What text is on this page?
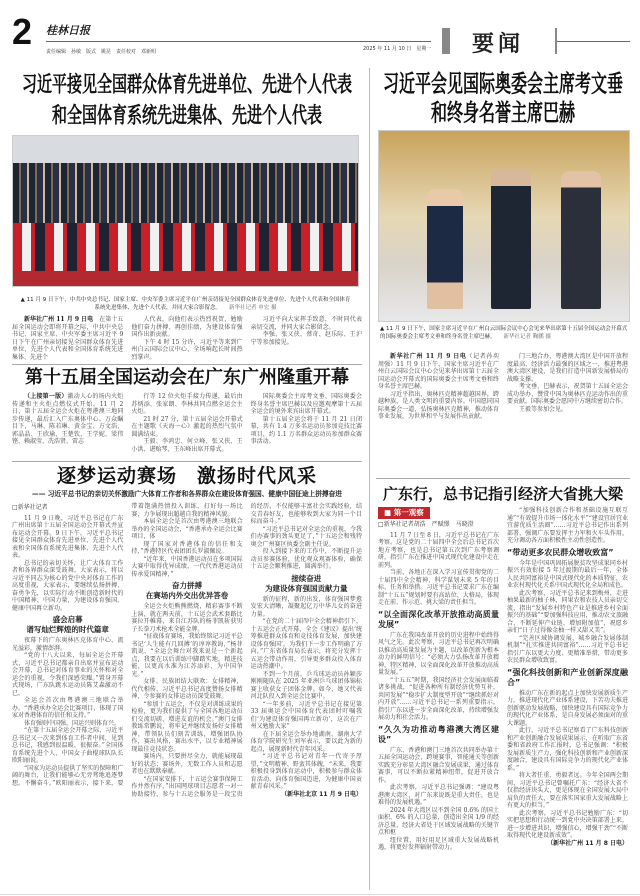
2 桂林日报
责任编辑　孙敏　版式　姚昆　责任校对　邓新明	2025 年 11 月 10 日　星期一 要闻
习近平接见全国群众体育先进单位、先进个人代表
和全国体育系统先进集体、先进个人代表
▲ 11 月 9 日下午，中共中央总书记、国家主席、中央军委主席习近平在广州亲切接见全国群众体育先进单位、先进个人代表和全国体育系统先进集体、先进个人代表，并同大家合影留念。 新华社记者 申宏 摄

新华社广州 11 月 9 日电　在第十五届全国运动会即将开幕之际，中共中央总书记、国家主席、中央军委主席习近平 9 日下午在广州亲切接见全国群众体育先进单位、先进个人代表和全国体育系统先进集体、先进个

人代表，向他们表示热烈祝贺，勉励他们奋力拼搏、再创佳绩，为建设体育强国作出新贡献。

下午 4 时 15 分许，习近平等来到广州白云国际会议中心，全场响起长时间热烈掌声。

习近平向大家挥手致意，不时同代表亲切交流，并同大家合影留念。

李强、张又侠、蔡奇、赵乐际、王沪宁等参加接见。

第十五届全国运动会在广东广州隆重开幕

（上接第一版）激动人心的场内火炬传递和主火炬点燃仪式开始。11 月 2 日，第十五届全运会火炬在粤港澳三地同步传递，最后汇入广东奥体中心。万众瞩目下，马琳、陈若琳、黄金宝、方文浩、郭晶晶、王欣瑜、王楚钦、王学妮、梁伟铿、赖淑莹、冼浩贤、雷志

行等 12 位火炬手接力传递，最后由苏炳添、张家朗、李林共同点燃全运会主火炬。

21 时 27 分，第十五届全运会开幕式在主题歌《天海一心》激起的热烈气氛中圆满结束。

王毅、李鸿忠、何立峰、张又侠、王小洪、谌贻琴、王东峰出席开幕式。

国际奥委会主席考文垂、国际奥委会终身名誉主席巴赫以及应邀观摩第十五届全运会的境外来宾出席开幕式。

第十五届全运会将于 11 月 21 日闭幕，共有 1.4 万多名运动员参加竞技比赛项目，约 1.1 万名群众运动员参加群众赛事活动。

逐梦运动赛场　激扬时代风采
—— 习近平总书记的亲切关怀激励广大体育工作者和各界群众在建设体育强国、健康中国征途上拼搏奋进

□新华社记者

11 月 9 日晚，习近平总书记在广东广州出席第十五届全国运动会开幕式并宣布运动会开幕。9 日下午，习近平总书记接见全国群众体育先进单位、先进个人代表和全国体育系统先进集体、先进个人代表。

总书记的亲切关怀，让广大体育工作者和各界群众深受鼓舞。大家表示，将以习近平同志为核心的党中央对体育工作的高度重视，大家表示，要继续弘扬拼搏、奋勇争先，以实际行动不断创造新时代的中国精神、中国力量，为建设体育强国、健康中国再立新功。

盛会启幕

谱写灿烂辉煌的时代篇章

夜幕下的广东奥林匹克体育中心，流光溢彩，激情澎湃。

“党的十八大以来，每届全运会开幕式，习近平总书记都亲自出席并宣布运动会开幕，总书记对体育事业的关怀和对全运会的重视，令我们深感荣耀。”置身开幕式现场，广东队跳水运动员陈艾森激动不已。

全运会首次由粤港澳三地联合举办。“香港承办全运会比赛项目，体现了国家对香港体育的信任和支持。”

体育强则中国强，国运兴则体育兴。

“在第十五届全运会开幕之际，习近平总书记又一次来到体育工作者中间，见到总书记，我感到很温暖、很振奋。”全国体育系统先进个人、中国女子曲棍球队队长欧阳丽说。

“国家为运动员提供了坚实的保障和广阔的舞台，让我们能够心无旁骛地追逐梦想。不懈奋斗。”欧阳丽表示，接下来，要带着饱满热情投入训练，打好每一场比赛，力争展现出超越自我的精神风貌。

本届全运会是首次由粤港澳三地联合举办的全国运动会，“香港承办全运会比赛项目，体

现了国家对香港体育的信任和支持，”香港特区代表团团长罗淑佩说。

“近年来，中国香港运动员在多项国际大赛中取得优异成绩，一代代香港运动员传承爱国精神，”

奋力拼搏

在赛场内外交出优异答卷

全运会火炬熊熊燃烧，精彩赛事不断上演，就在两天前，十五运会武术套路比赛拉开帷幕，来自江苏队的杨菲凯斩获男子长拳刀术枪术全能金牌。

“征战体育赛场，我始终铭记习近平总书记‘人生能有几回搏’的谆谆教诲，”杨菲凯说，“全运会舞台对我来说是一个新起点，我要在以后训练中脚踏实地，精进技能，以更高水准为江苏添彩、为中国争光。”

女排、民族团结大联欢：女排精神，代代相传，习近平总书记高度赞扬女排精神，令参赛的女排运动员深受鼓舞。

“参加十五运会，不仅是对训练成果的检验，更为我们提供了与全国各地运动员们交流切磋、增进友谊的机会。”澳门女排教练常鹏说，将牢记并继续发扬好女排精神，带领队员们刻苦训练，增强团队协作，赛出风格，赛出水平，以专业精神展现最佳竞技状态。

赛场内，只要拼尽全力，就能展现最好的状态；赛场外，无数工作人员和志愿者也在默默奉献。

“在国家安排下，十五运会赛事保障工作井然有序，”出国网球项目志愿者一对一协助接待，参与十五运会服务是一段宝贵的经历，不仅能够丰富社会实践经验，结交青春好友，也能够收到大家为同一个目标而奋斗。”

“习近平总书记对全运会的重视，令我们办赛事的劲头更足了，”十五运会和残特奥会广州赛区执委会副主任说。

投入到接下来的工作中，不断提升运动员参赛体验，优化观众观赛体验，确保十五运会顺利推进，圆满举行。

接续奋进

为建设体育强国贡献力量

新的征程，新的出发，体育强国梦愈发宏大清晰，凝聚起亿万中华儿女的奋进力量。

“在党的二十届四中全会精神指引下，十五运会正式开幕，全会《建议》提出‘统筹推进群众体育和竞技体育发展，加快建设体育强国’，为我们下一步工作明确了方向，”广东省体育局长表示，将充分发挥十五运会带动作用，引导更多群众投入体育运动热潮中。

不到一个月前，乒乓球运动员孙颖莎刚刚随队在 2025 年亚洲乒乓球团体锦标赛上收获女子团体金牌。如今，她又代表河北队投入到全运会比赛中。

“一年多前，习近平总书记在接见第 33 届奥运会中国体育代表团时叮嘱我们‘为建设体育强国再立新功’，这次在广州又勉励大家”

在下届全运会举办地湖南，湖南大学体育学院研究生刘军表示，要以此为新的起点，展现新时代青年风采。

“习近平总书记对青年一代寄予厚望，”文明精神、野蛮其体魄，“未来，我要积极投身到体育运动中，积极参与群众体育活动，向体育强国迈进，为健康中国贡献青春风采。”

（新华社北京 11 月 9 日电）

习近平会见国际奥委会主席考文垂
和终身名誉主席巴赫
▲ 11 月 9 日下午，国家主席习近平在广州白云国际会议中心会见来华出席第十五届全国运动会开幕式的国际奥委会主席考文垂和终身名誉主席巴赫。 新华社记者 鞠鹏 摄

新华社广州 11 月 9 日电（记者孙奕　周强）11 月 9 日下午，国家主席习近平在广州白云国际会议中心会见来华出席第十五届全国运动会开幕式的国际奥委会主席考文垂和终身名誉主席巴赫。

习近平指出，奥林匹克精神超越国界，跨越种族，是人类文明的重要内容。中国愿同国际奥委会一道，弘扬奥林匹克精神，推动体育事业发展，为世界和平与发展作出贡献。

门三地合办，粤港澳大湾区是中国开放程度最高、经济活力最强的区域之一，推进粤港澳大湾区建设，是我们打造中国新发展格局的战略支撑。

考文垂、巴赫表示，祝贺第十五届全运会成功举办，赞赏中国为奥林匹克运动作出的重要贡献，国际奥委会愿同中方继续密切合作。

王毅等参加会见。

广东行，总书记指引经济大省挑大梁

■ 第一观察

□新华社记者胡浩　严赋憬　马晓澄

11 月 7 日至 8 日，习近平总书记在广东考察。这是党的二十届四中全会后总书记首次地方考察，也是总书记第五次到广东考察调研，指引广东在推进中国式现代化建设中走在前列。

当前，各地正在深入学习宣传贯彻党的二十届四中全会精神，科学谋划未来 5 年的目标、任务和举措。习近平总书记要求广东在编制“十五五”规划时要有高站位、大格局，体现走在前、作示范、挑大梁的责任担当。

“以全面深化改革开放推动高质量发展”

广东在我国改革开放的历史进程中始终得风气之先。此次考察，习近平总书记再次明确以推动高质量发展为主题，以改革创新为根本动力的鲜明信号：“必须大力弘扬改革开放精神，特区精神，以全面深化改革开放推动高质量发展。”

“十五五”时期，我国经济社会发展面临着诸多挑战，“促进各种所有制经济优势互补，共同发展”“稳步扩大制度型开放”“继续抓好对内开放”……习近平总书记一系列重要指示，指引广东以进一步全面深化改革，持续增强发展动力和社会活力。

“久久为功推动粤港澳大湾区建设”

广东、香港和澳门三地首次共同举办第十五届全国运动会，跨境赛事，智能通关等创新实践充分彰显大湾区融合发展成果，通过体育赛事，可以不断拉紧精神纽带，促进开放合作。

此次考察，习近平总书记强调：“建设粤港澳大湾区，对广东来说既是重大责任，也是难得的发展机遇。”

2024 年大湾区以不到全国 0.6% 的国土面积、6% 的人口总量，创造出全国 1/9 的经济总量，经济大省处于区域发展战略的关键节点和枢

纽位置，用好用足区域重大发展战略机遇，将更好发挥辐射带动力。

“加强科技创新合作和基础设施互联互通”“有效提升市场一体化水平”“建设宜居宜业宜游优质生活圈”……习近平总书记作出系列部署，强调广东要发挥主力军和火车头作用，充分调动各方面积极性主动性创造性。

“带动更多农民群众增收致富”

今年是中国巩固拓展脱贫攻坚成果同乡村振兴有效衔接 5 年过渡期的最后一年，全体人民共同富裕是中国式现代化的本质特征，农业农村现代化关系中国式现代化全局和成色。

此次考察，习近平总书记来到梅州，走进柚果最新的柚子林，同果农和农技人员亲切交流，指出“发展乡村特色产业是推进乡村全面振兴的基础”“要加强科技应用，推动农文旅融合，不断延伸产业链、增加附加值”，祝愿乡亲们“日子过得像金柚一样又甜又美”。

“完善区域协调发展，城乡融合发展体制机制”“扎实推进共同富裕”……习近平总书记指引广东以更大力度、更精准举措，带动更多农民群众增收致富。

“强化科技创新和产业创新深度融合”

推动广东在新的起点上加快发展新质生产力，推进现代化产业体系建设，下苦功夫推进创新驱动发展战略，加快建设具有国际竞争力的现代化产业体系，是自身发展必须面对的重大课题。

此行，习近平总书记察看了广东科技创新和产业创新融合发展成果展示，在听取广东省委和省政府工作汇报时，总书记强调：“积极发展新质生产力，强化科技创新和产业创新深度融合，建设具有国际竞争力的现代化产业体系。”

将大者任重，勇毅者远。今年全国两会期间，习近平总书记曾嘱托广东：“经济大省不仅指经济块头大，更是体现在全国发展大局中肩负的责任大，要在落实国家重大发展战略上有更大的担当。”

此次考察，习近平总书记勉励广东：“切实把思想和行动统一到党中央决策部署上来，进一步增进共识，增强信心，增强干劲”“不断取得现代化建设新成效”。

（新华社广州 11 月 8 日电）
